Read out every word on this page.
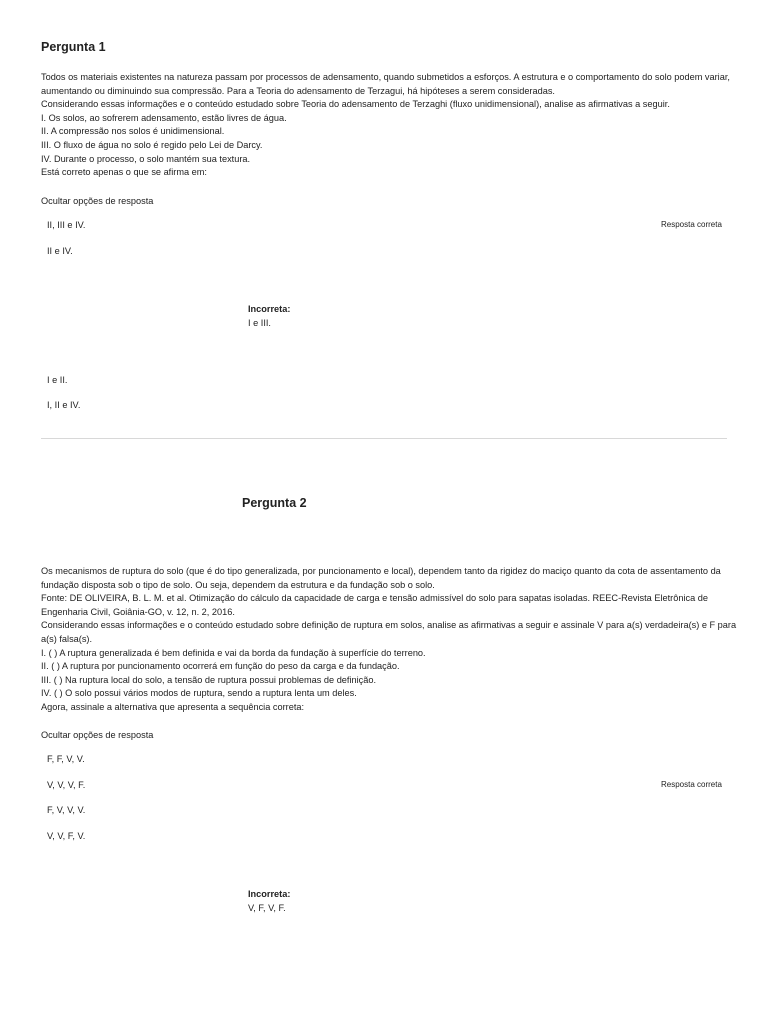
Pergunta 1
Todos os materiais existentes na natureza passam por processos de adensamento, quando submetidos a esforços. A estrutura e o comportamento do solo podem variar,
aumentando ou diminuindo sua compressão. Para a Teoria do adensamento de Terzagui, há hipóteses a serem consideradas.
Considerando essas informações e o conteúdo estudado sobre Teoria do adensamento de Terzaghi (fluxo unidimensional), analise as afirmativas a seguir.
I. Os solos, ao sofrerem adensamento, estão livres de água.
II. A compressão nos solos é unidimensional.
III. O fluxo de água no solo é regido pelo Lei de Darcy.
IV. Durante o processo, o solo mantém sua textura.
Está correto apenas o que se afirma em:
Ocultar opções de resposta
II, III e IV.	Resposta correta
II e IV.
Incorreta:
I e III.
I e II.
I, II e IV.
Pergunta 2
Os mecanismos de ruptura do solo (que é do tipo generalizada, por puncionamento e local), dependem tanto da rigidez do maciço quanto da cota de assentamento da
fundação disposta sob o tipo de solo. Ou seja, dependem da estrutura e da fundação sob o solo.
Fonte: DE OLIVEIRA, B. L. M. et al. Otimização do cálculo da capacidade de carga e tensão admissível do solo para sapatas isoladas. REEC-Revista Eletrônica de
Engenharia Civil, Goiânia-GO, v. 12, n. 2, 2016.
Considerando essas informações e o conteúdo estudado sobre definição de ruptura em solos, analise as afirmativas a seguir e assinale V para a(s) verdadeira(s) e F para
a(s) falsa(s).
I. ( ) A ruptura generalizada é bem definida e vai da borda da fundação à superfície do terreno.
II. ( ) A ruptura por puncionamento ocorrerá em função do peso da carga e da fundação.
III. ( ) Na ruptura local do solo, a tensão de ruptura possui problemas de definição.
IV. ( ) O solo possui vários modos de ruptura, sendo a ruptura lenta um deles.
Agora, assinale a alternativa que apresenta a sequência correta:
Ocultar opções de resposta
F, F, V, V.
V, V, V, F.	Resposta correta
F, V, V, V.
V, V, F, V.
Incorreta:
V, F, V, F.
